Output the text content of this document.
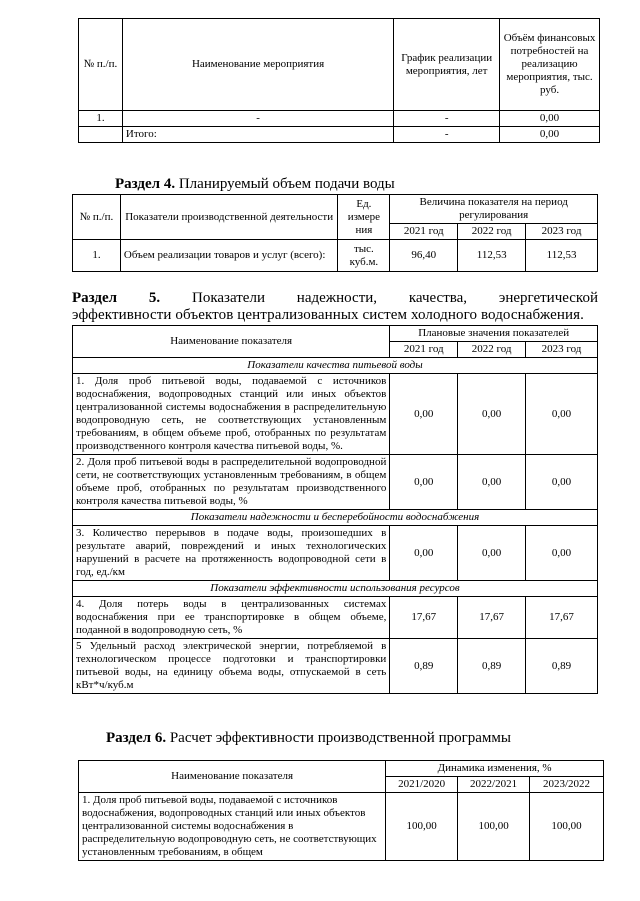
№ п./п.	Наименование мероприятия	График реализации мероприятия, лет	Объём финансовых потребностей на реализацию мероприятия, тыс. руб.
1.	-	-	0,00
	Итого:	-	0,00

Раздел 4. Планируемый объем подачи воды

№ п./п.	Показатели производственной деятельности	Ед. измере ния	Величина показателя на период регулирования		
			2021 год	2022 год	2023 год
1.	Объем реализации товаров и услуг (всего):	тыс. куб.м.	96,40	112,53	112,53

Раздел 5. Показатели надежности, качества, энергетической

эффективности объектов централизованных систем холодного водоснабжения.

Наименование показателя	Плановые значения показателей		
	2021 год	2022 год	2023 год
Показатели качества питьевой воды			
1. Доля проб питьевой воды, подаваемой с источников водоснабжения, водопроводных станций или иных объектов централизованной системы водоснабжения в распределительную водопроводную сеть, не соответствующих установленным требованиям, в общем объеме проб, отобранных по результатам производственного контроля качества питьевой воды, %.	0,00	0,00	0,00
2. Доля проб питьевой воды в распределительной водопроводной сети, не соответствующих установленным требованиям, в общем объеме проб, отобранных по результатам производственного контроля качества питьевой воды, %	0,00	0,00	0,00
Показатели надежности и бесперебойности водоснабжения			
3. Количество перерывов в подаче воды, произошедших в результате аварий, повреждений и иных технологических нарушений в расчете на протяженность водопроводной сети в год, ед./км	0,00	0,00	0,00
Показатели эффективности использования ресурсов			
4. Доля потерь воды в централизованных системах водоснабжения при ее транспортировке в общем объеме, поданной в водопроводную сеть, %	17,67	17,67	17,67
5 Удельный расход электрической энергии, потребляемой в технологическом процессе подготовки и транспортировки питьевой воды, на единицу объема воды, отпускаемой в сеть кВт*ч/куб.м	0,89	0,89	0,89

Раздел 6. Расчет эффективности производственной программы

Наименование показателя	Динамика изменения, %		
	2021/2020	2022/2021	2023/2022
1. Доля проб питьевой воды, подаваемой с источников водоснабжения, водопроводных станций или иных объектов централизованной системы водоснабжения в распределительную водопроводную сеть, не соответствующих установленным требованиям, в общем	100,00	100,00	100,00
